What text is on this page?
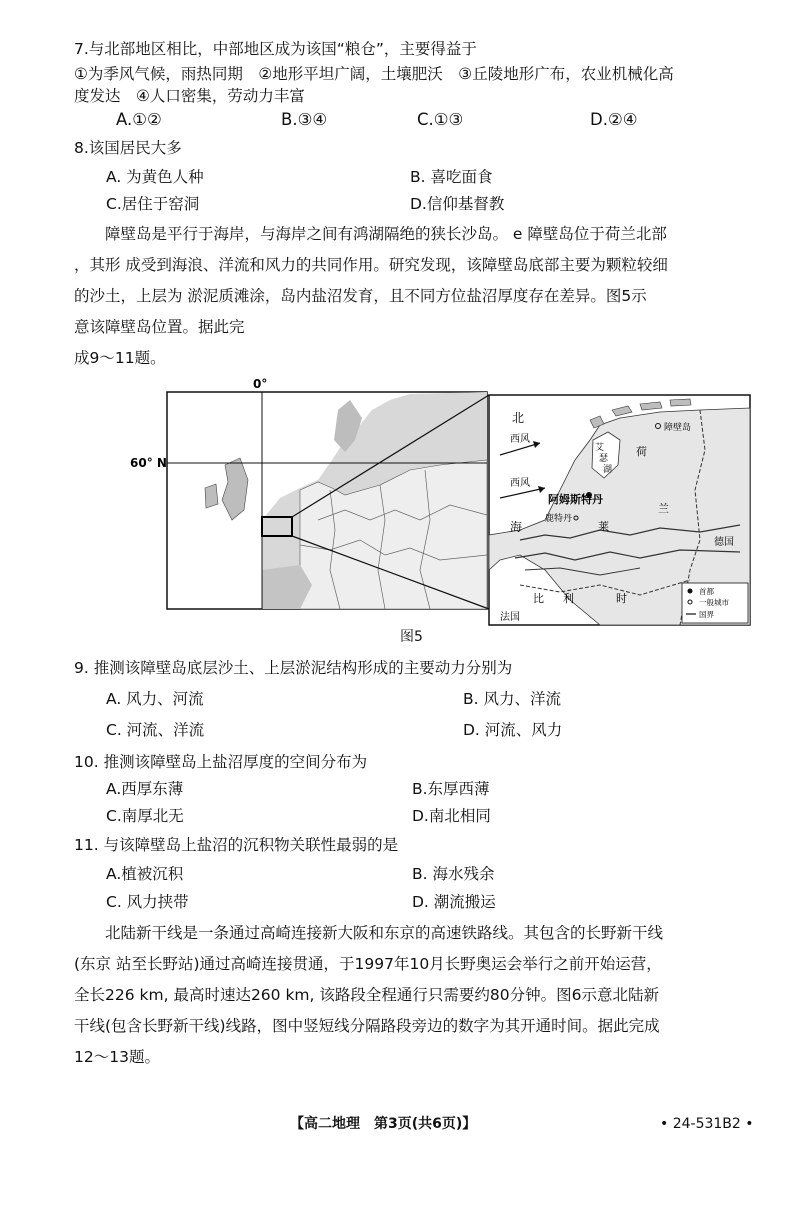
7.与北部地区相比，中部地区成为该国“粮仓”，主要得益于
①为季风气候，雨热同期　②地形平坦广阔，土壤肥沃　③丘陵地形广布，农业机械化高
度发达　④人口密集，劳动力丰富
A.①②	B.③④	C.①③	D.②④
8.该国居民大多
A. 为黄色人种	B. 喜吃面食
C.居住于窑洞	D.信仰基督教
障壁岛是平行于海岸，与海岸之间有鸿湖隔绝的狭长沙岛。 e 障壁岛位于荷兰北部
，其形 成受到海浪、洋流和风力的共同作用。研究发现，该障壁岛底部主要为颗粒较细
的沙土，上层为 淤泥质滩涂，岛内盐沼发育，且不同方位盐沼厚度存在差异。图5示
意该障壁岛位置。据此完
成9～11题。
0°
60° N
北
海
西风
西风
障壁岛
艾
瑟
湖
阿姆斯特丹
鹿特丹
荷
兰
莱
德国
比 利	时
法国
首都
一般城市
国界
图5
9. 推测该障壁岛底层沙土、上层淤泥结构形成的主要动力分别为
A. 风力、河流	B. 风力、洋流
C. 河流、洋流	D. 河流、风力
10. 推测该障壁岛上盐沼厚度的空间分布为
A.西厚东薄	B.东厚西薄
C.南厚北无	D.南北相同
11. 与该障壁岛上盐沼的沉积物关联性最弱的是
A.植被沉积	B. 海水残余
C. 风力挟带	D. 潮流搬运
北陆新干线是一条通过高崎连接新大阪和东京的高速铁路线。其包含的长野新干线
(东京 站至长野站)通过高崎连接贯通，于1997年10月长野奥运会举行之前开始运营，
全长226 km, 最高时速达260 km, 该路段全程通行只需要约80分钟。图6示意北陆新
干线(包含长野新干线)线路，图中竖短线分隔路段旁边的数字为其开通时间。据此完成
12～13题。
【高二地理　第3页(共6页)】	• 24-531B2 •
